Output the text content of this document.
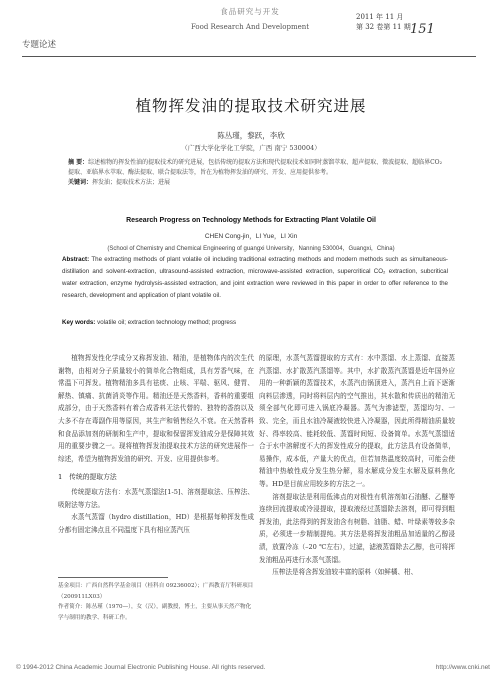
专题论述
食品研究与开发
Food Research And Development
2011 年 11 月
第 32 卷第 11 期 151
植物挥发油的提取技术研究进展
陈丛瑾，黎跃，李欣
（广西大学化学化工学院，广西 南宁 530004）
摘 要：综述植物的挥发性油的提取技术的研究进展，包括传统的提取方法和现代提取技术如同时蒸馏萃取、超声提取、微波提取、超临界CO₂提取、亚临界水萃取、酶法提取、联合提取法等，旨在为植物挥发油的研究、开发、应用提供参考。
关键词：挥发油；提取技术方法；进展
Research Progress on Technology Methods for Extracting Plant Volatile Oil
CHEN Cong-jin，LI Yue，LI Xin
(School of Chemistry and Chemical Engineering of guangxi University，Nanning 530004，Guangxi，China)
Abstract: The extracting methods of plant volatile oil including traditional extracting methods and modern methods such as simultaneous-distillation and solvent-extraction, ultrasound-assisted extraction, microwave-assisted extraction, supercritical CO₂ extraction, subcritical water extraction, enzyme hydrolysis-assisted extraction, and joint extraction were reviewed in this paper in order to offer reference to the research, development and application of plant volatile oil.
Key words: volatile oil; extraction technology method; progress

植物挥发性化学成分又称挥发油、精油，是植物体内的次生代谢物，由相对分子质量较小的简单化合物组成，具有芳香气味，在常温下可挥发。植物精油多具有祛痰、止咳、平喘、驱风、健胃、解热、镇痛、抗菌消炎等作用。精油还是天然香料，香料的重要组成部分，由于天然香料有着合成香料无法代替的、独特的香韵以及大多不存在毒副作用等原因，其生产和销售经久不衰。在天然香料和食品添加剂的研制和生产中，提取和保留挥发油成分是保障其效用的重要步骤之一。现将植物挥发油提取技术方法的研究进展作一综述，希望为植物挥发油的研究、开发、应用提供参考。

1　传统的提取方法

传统提取方法有：水蒸气蒸馏法[1-5]、溶剂提取法、压榨法、吸附法等方法。

水蒸气蒸馏（hydro distillation，HD）是根据每种挥发性成分都有固定沸点且不同温度下具有相应蒸汽压

的原理，水蒸气蒸馏提取的方式有：水中蒸馏、水上蒸馏、直接蒸汽蒸馏、水扩散蒸汽蒸馏等。其中，水扩散蒸汽蒸馏是近年国外应用的一种新颖的蒸馏技术，水蒸汽由锅顶进入，蒸汽自上而下逐渐向料层渗透，同时将料层内的空气推出，其水散和传质出的精油无须全部气化即可进入锅底冷凝器。蒸气为渗滤型，蒸馏均匀、一致、完全，而且水油冷凝液较快进入冷凝器，因此所得精油质量较好、得率较高、能耗较低、蒸馏时间短、设备简单。水蒸气蒸馏适合于水中溶解度不大的挥发性成分的提取，此方法具有设备简单，易操作，成本低，产量大的优点，但若加热温度较高时，可能会使精油中热敏性成分发生热分解，易水解成分发生水解及原料焦化等。HD是目前应用较多的方法之一。

溶剂提取法是利用低沸点的对极性有机溶剂如石油醚、乙醚等连续回流提取或冷浸提取，提取液经过蒸馏除去溶剂，即可得到粗挥发油，此法得到的挥发油含有树脂、油脂、蜡、叶绿素等较多杂质，必须进一步精制提纯。其方法是将挥发油粗品加适量的乙醇浸渍，放置冷冻（–20 ℃左右），过滤，滤液蒸馏除去乙醇，也可将挥发油粗品再进行水蒸气蒸馏。

压榨法是将含挥发油较丰富的原料（如鲜橘、柑、

基金项目：广西自然科学基金项目（桂科自 09236002）；广西教育厅科研项目（200911LX03）
作者简介：陈丛瑾（1970—），女（汉），副教授，博士，主要从事天然产物化学与制用的教学、科研工作。
© 1994-2012 China Academic Journal Electronic Publishing House. All rights reserved.	http://www.cnki.net
